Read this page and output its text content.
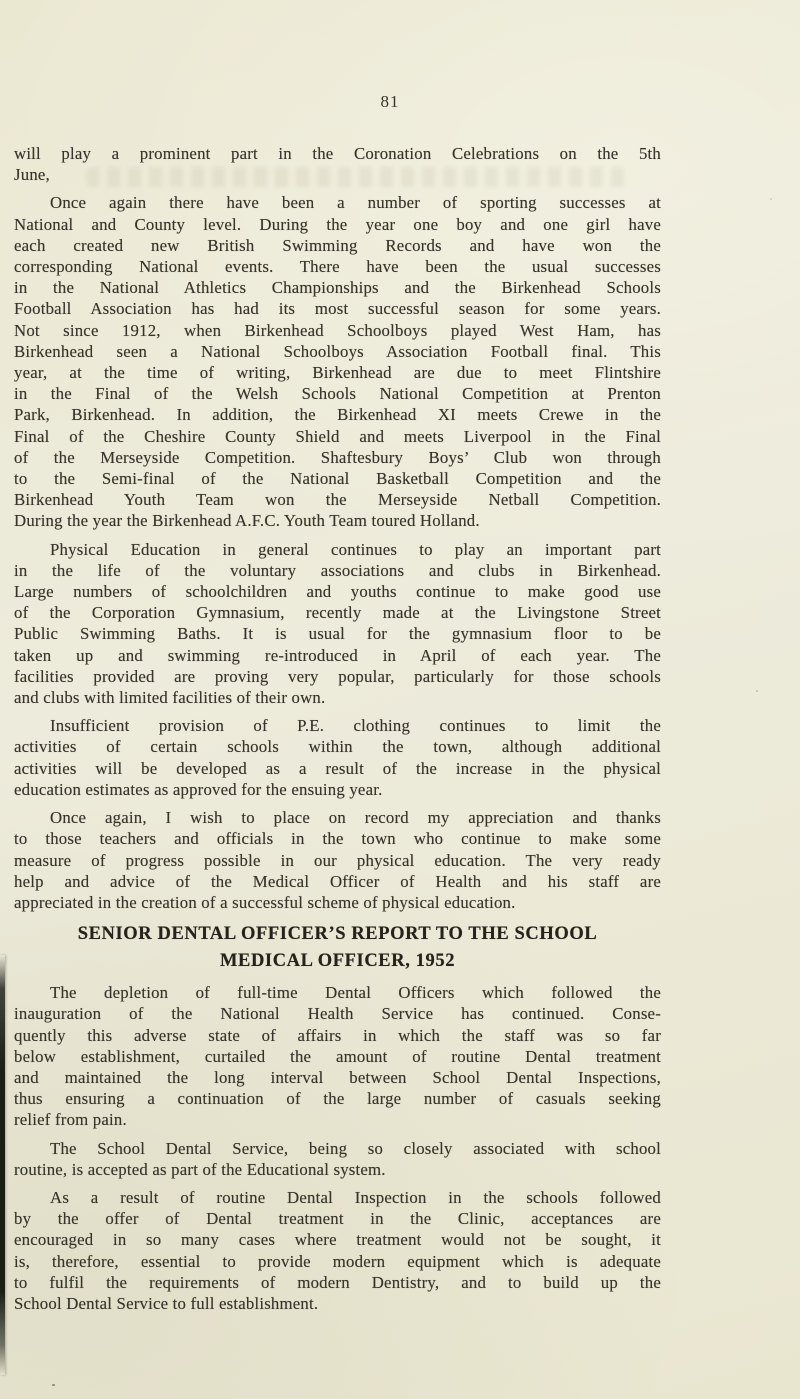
81
will play a prominent part in the Coronation Celebrations on the 5th
June,
Once again there have been a number of sporting successes at
National and County level. During the year one boy and one girl have
each created new British Swimming Records and have won the
corresponding National events. There have been the usual successes
in the National Athletics Championships and the Birkenhead Schools
Football Association has had its most successful season for some years.
Not since 1912, when Birkenhead Schoolboys played West Ham, has
Birkenhead seen a National Schoolboys Association Football final. This
year, at the time of writing, Birkenhead are due to meet Flintshire
in the Final of the Welsh Schools National Competition at Prenton
Park, Birkenhead. In addition, the Birkenhead XI meets Crewe in the
Final of the Cheshire County Shield and meets Liverpool in the Final
of the Merseyside Competition. Shaftesbury Boys’ Club won through
to the Semi-final of the National Basketball Competition and the
Birkenhead Youth Team won the Merseyside Netball Competition.
During the year the Birkenhead A.F.C. Youth Team toured Holland.
Physical Education in general continues to play an important part
in the life of the voluntary associations and clubs in Birkenhead.
Large numbers of schoolchildren and youths continue to make good use
of the Corporation Gymnasium, recently made at the Livingstone Street
Public Swimming Baths. It is usual for the gymnasium floor to be
taken up and swimming re-introduced in April of each year. The
facilities provided are proving very popular, particularly for those schools
and clubs with limited facilities of their own.
Insufficient provision of P.E. clothing continues to limit the
activities of certain schools within the town, although additional
activities will be developed as a result of the increase in the physical
education estimates as approved for the ensuing year.
Once again, I wish to place on record my appreciation and thanks
to those teachers and officials in the town who continue to make some
measure of progress possible in our physical education. The very ready
help and advice of the Medical Officer of Health and his staff are
appreciated in the creation of a successful scheme of physical education.
SENIOR DENTAL OFFICER’S REPORT TO THE SCHOOL
MEDICAL OFFICER, 1952
The depletion of full-time Dental Officers which followed the
inauguration of the National Health Service has continued. Conse-
quently this adverse state of affairs in which the staff was so far
below establishment, curtailed the amount of routine Dental treatment
and maintained the long interval between School Dental Inspections,
thus ensuring a continuation of the large number of casuals seeking
relief from pain.
The School Dental Service, being so closely associated with school
routine, is accepted as part of the Educational system.
As a result of routine Dental Inspection in the schools followed
by the offer of Dental treatment in the Clinic, acceptances are
encouraged in so many cases where treatment would not be sought, it
is, therefore, essential to provide modern equipment which is adequate
to fulfil the requirements of modern Dentistry, and to build up the
School Dental Service to full establishment.
